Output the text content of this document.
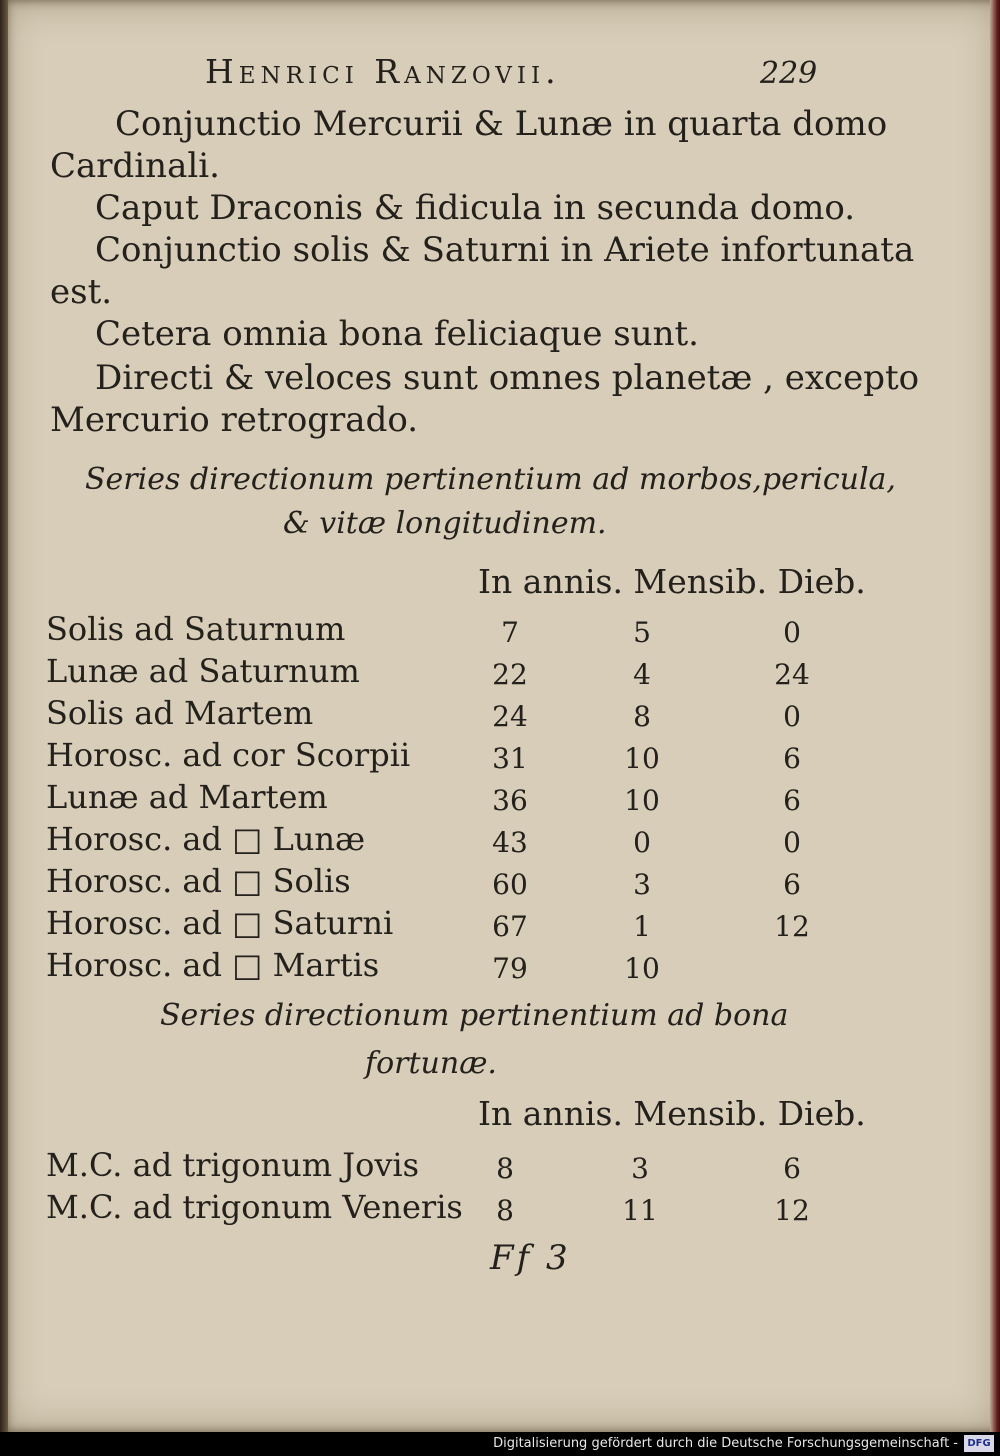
Henrici Ranzovii.	229
Conjunctio Mercurii & Lunæ in quarta domo
Cardinali.
Caput Draconis & fidicula in secunda domo.
Conjunctio solis & Saturni in Ariete infortunata
est.
Cetera omnia bona feliciaque sunt.
Directi & veloces sunt omnes planetæ , excepto
Mercurio retrogrado.
Series directionum pertinentium ad morbos,pericula,
& vitæ longitudinem.
In annis. Mensib. Dieb.
Solis ad Saturnum	7	5	0
Lunæ ad Saturnum	22	4	24
Solis ad Martem	24	8	0
Horosc. ad cor Scorpii	31	10	6
Lunæ ad Martem	36	10	6
Horosc. ad □ Lunæ	43	0	0
Horosc. ad □ Solis	60	3	6
Horosc. ad □ Saturni	67	1	12
Horosc. ad □ Martis	79	10
Series directionum pertinentium ad bona
fortunæ.
In annis. Mensib. Dieb.
M.C. ad trigonum Jovis	8	3	6
M.C. ad trigonum Veneris	8	11	12
Ff 3
Digitalisierung gefördert durch die Deutsche Forschungsgemeinschaft - DFG
